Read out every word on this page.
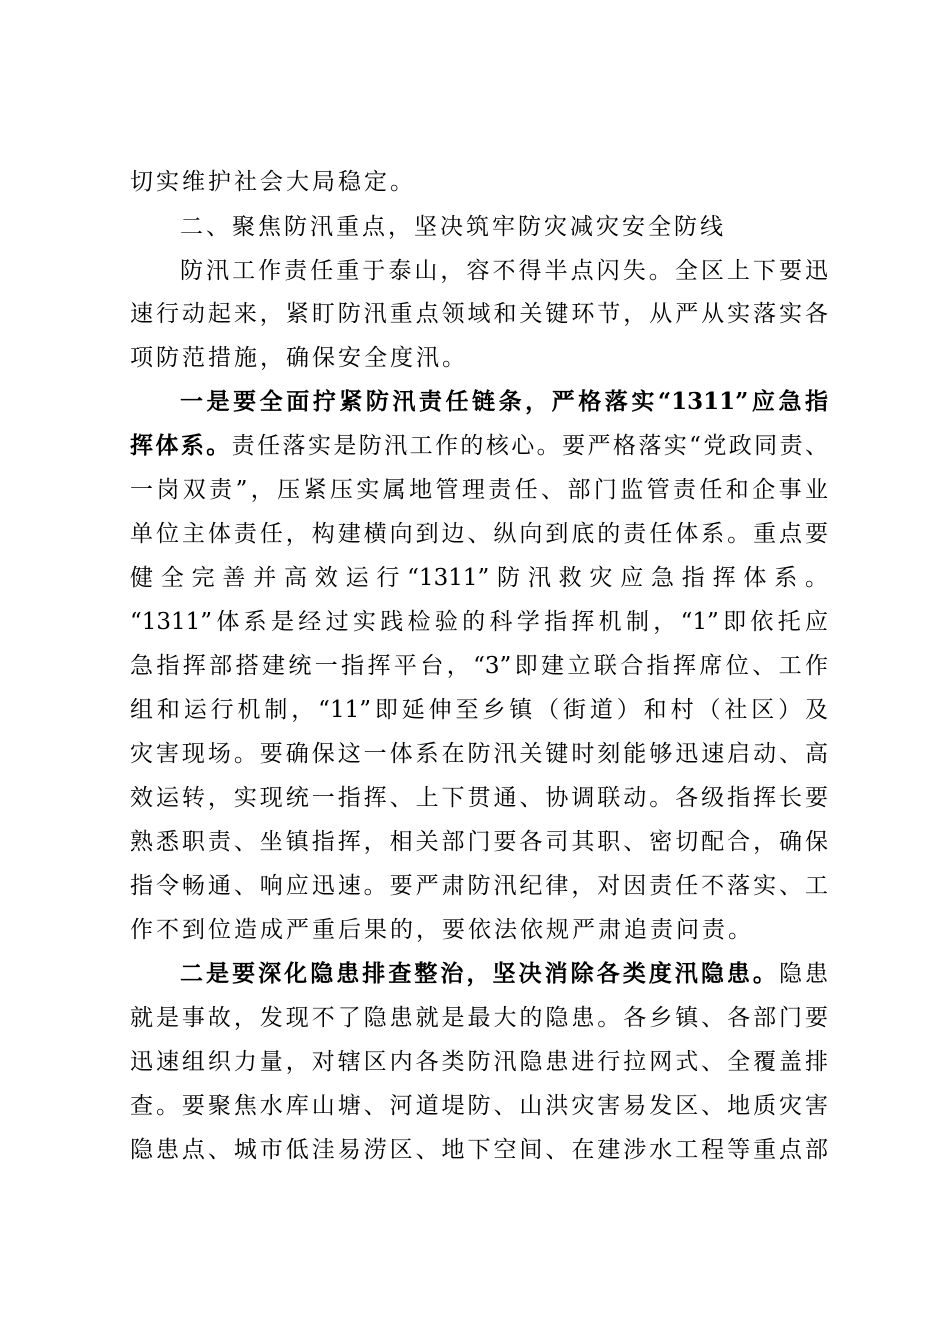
切实维护社会大局稳定。
二、聚焦防汛重点，坚决筑牢防灾减灾安全防线
防汛工作责任重于泰山，容不得半点闪失。全区上下要迅
速行动起来，紧盯防汛重点领域和关键环节，从严从实落实各
项防范措施，确保安全度汛。
一是要全面拧紧防汛责任链条，严格落实“1311”应急指
挥体系。责任落实是防汛工作的核心。要严格落实“党政同责、
一岗双责”，压紧压实属地管理责任、部门监管责任和企事业
单位主体责任，构建横向到边、纵向到底的责任体系。重点要
健全完善并高效运行“1311”防汛救灾应急指挥体系。
“1311”体系是经过实践检验的科学指挥机制，“1”即依托应
急指挥部搭建统一指挥平台，“3”即建立联合指挥席位、工作
组和运行机制，“11”即延伸至乡镇（街道）和村（社区）及
灾害现场。要确保这一体系在防汛关键时刻能够迅速启动、高
效运转，实现统一指挥、上下贯通、协调联动。各级指挥长要
熟悉职责、坐镇指挥，相关部门要各司其职、密切配合，确保
指令畅通、响应迅速。要严肃防汛纪律，对因责任不落实、工
作不到位造成严重后果的，要依法依规严肃追责问责。
二是要深化隐患排查整治，坚决消除各类度汛隐患。隐患
就是事故，发现不了隐患就是最大的隐患。各乡镇、各部门要
迅速组织力量，对辖区内各类防汛隐患进行拉网式、全覆盖排
查。要聚焦水库山塘、河道堤防、山洪灾害易发区、地质灾害
隐患点、城市低洼易涝区、地下空间、在建涉水工程等重点部
